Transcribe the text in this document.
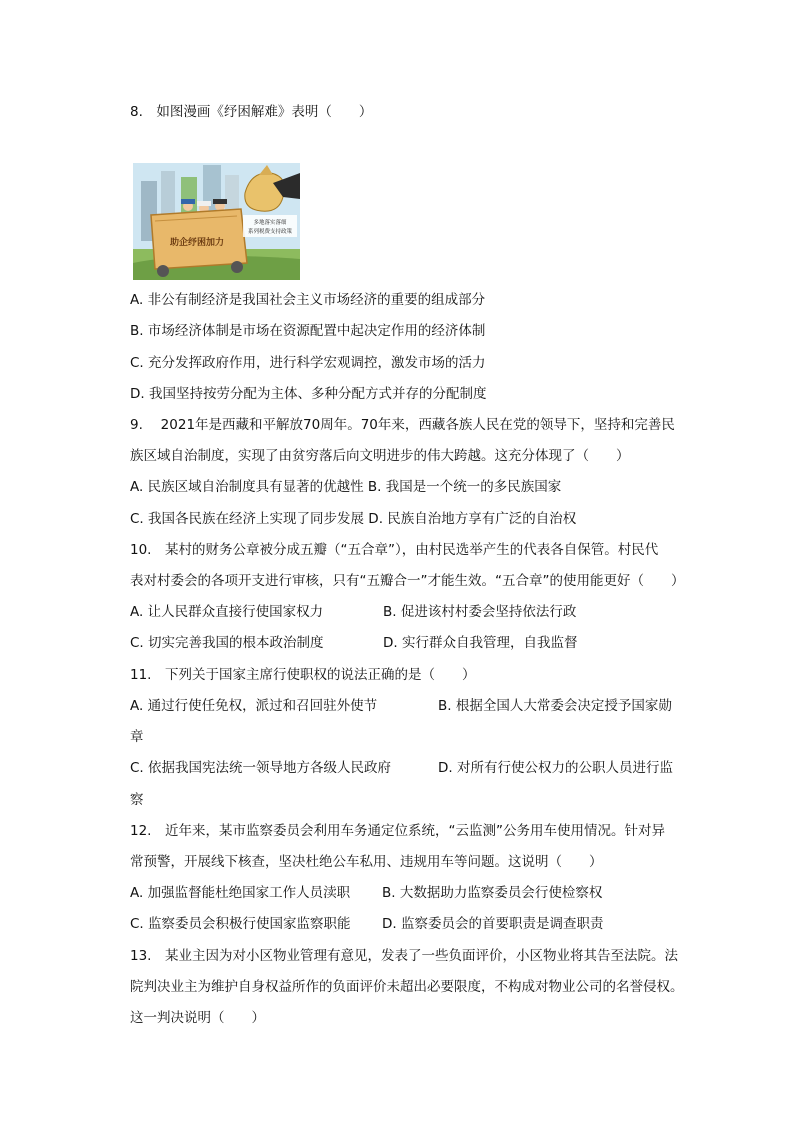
8.　如图漫画《纾困解难》表明（　　）
助企纾困加力
多地落实落细
系列税费支持政策
A. 非公有制经济是我国社会主义市场经济的重要的组成部分
B. 市场经济体制是市场在资源配置中起决定作用的经济体制
C. 充分发挥政府作用，进行科学宏观调控，激发市场的活力
D. 我国坚持按劳分配为主体、多种分配方式并存的分配制度
9.　 2021年是西藏和平解放70周年。70年来，西藏各族人民在党的领导下，坚持和完善民
族区域自治制度，实现了由贫穷落后向文明进步的伟大跨越。这充分体现了（　　）
A. 民族区域自治制度具有显著的优越性 B. 我国是一个统一的多民族国家
C. 我国各民族在经济上实现了同步发展 D. 民族自治地方享有广泛的自治权
10.　某村的财务公章被分成五瓣（“五合章”），由村民选举产生的代表各自保管。村民代
表对村委会的各项开支进行审核，只有“五瓣合一”才能生效。“五合章”的使用能更好（　　）
A. 让人民群众直接行使国家权力	B. 促进该村村委会坚持依法行政
C. 切实完善我国的根本政治制度	D. 实行群众自我管理，自我监督
11.　下列关于国家主席行使职权的说法正确的是（　　）
A. 通过行使任免权，派过和召回驻外使节	B. 根据全国人大常委会决定授予国家勋
章
C. 依据我国宪法统一领导地方各级人民政府	D. 对所有行使公权力的公职人员进行监
察
12.　近年来，某市监察委员会利用车务通定位系统，“云监测”公务用车使用情况。针对异
常预警，开展线下核查，坚决杜绝公车私用、违规用车等问题。这说明（　　）
A. 加强监督能杜绝国家工作人员渎职 B. 大数据助力监察委员会行使检察权
C. 监察委员会积极行使国家监察职能 D. 监察委员会的首要职责是调查职责
13.　某业主因为对小区物业管理有意见，发表了一些负面评价，小区物业将其告至法院。法
院判决业主为维护自身权益所作的负面评价未超出必要限度，不构成对物业公司的名誉侵权。
这一判决说明（　　）
